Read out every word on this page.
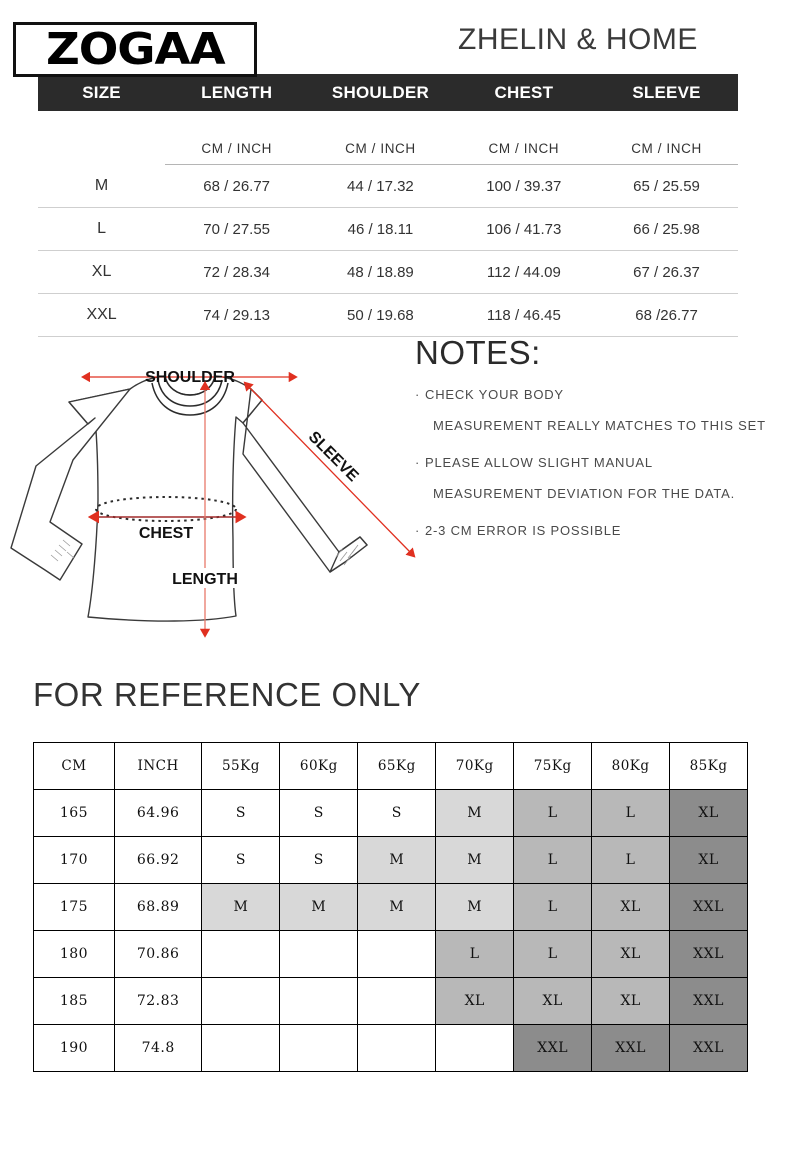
ZHELIN & HOME
SIZE	LENGTH	SHOULDER	CHEST	SLEEVE
	CM / INCH	CM / INCH	CM / INCH	CM / INCH
M	68 / 26.77	44 / 17.32	100 / 39.37	65 / 25.59
L	70 / 27.55	46 / 18.11	106 / 41.73	66 / 25.98
XL	72 / 28.34	48 / 18.89	112 / 44.09	67 / 26.37
XXL	74 / 29.13	50 / 19.68	118 / 46.45	68 /26.77
ZOGAA
SHOULDER
SLEEVE
CHEST
LENGTH
NOTES:
· CHECK YOUR BODY
MEASUREMENT REALLY MATCHES TO THIS SET
· PLEASE ALLOW SLIGHT MANUAL
MEASUREMENT DEVIATION FOR THE DATA.
· 2-3 CM ERROR IS POSSIBLE
FOR REFERENCE ONLY
CM	INCH	55Kg	60Kg	65Kg	70Kg	75Kg	80Kg	85Kg
165	64.96	S	S	S	M	L	L	XL
170	66.92	S	S	M	M	L	L	XL
175	68.89	M	M	M	M	L	XL	XXL
180	70.86				L	L	XL	XXL
185	72.83				XL	XL	XL	XXL
190	74.8					XXL	XXL	XXL
